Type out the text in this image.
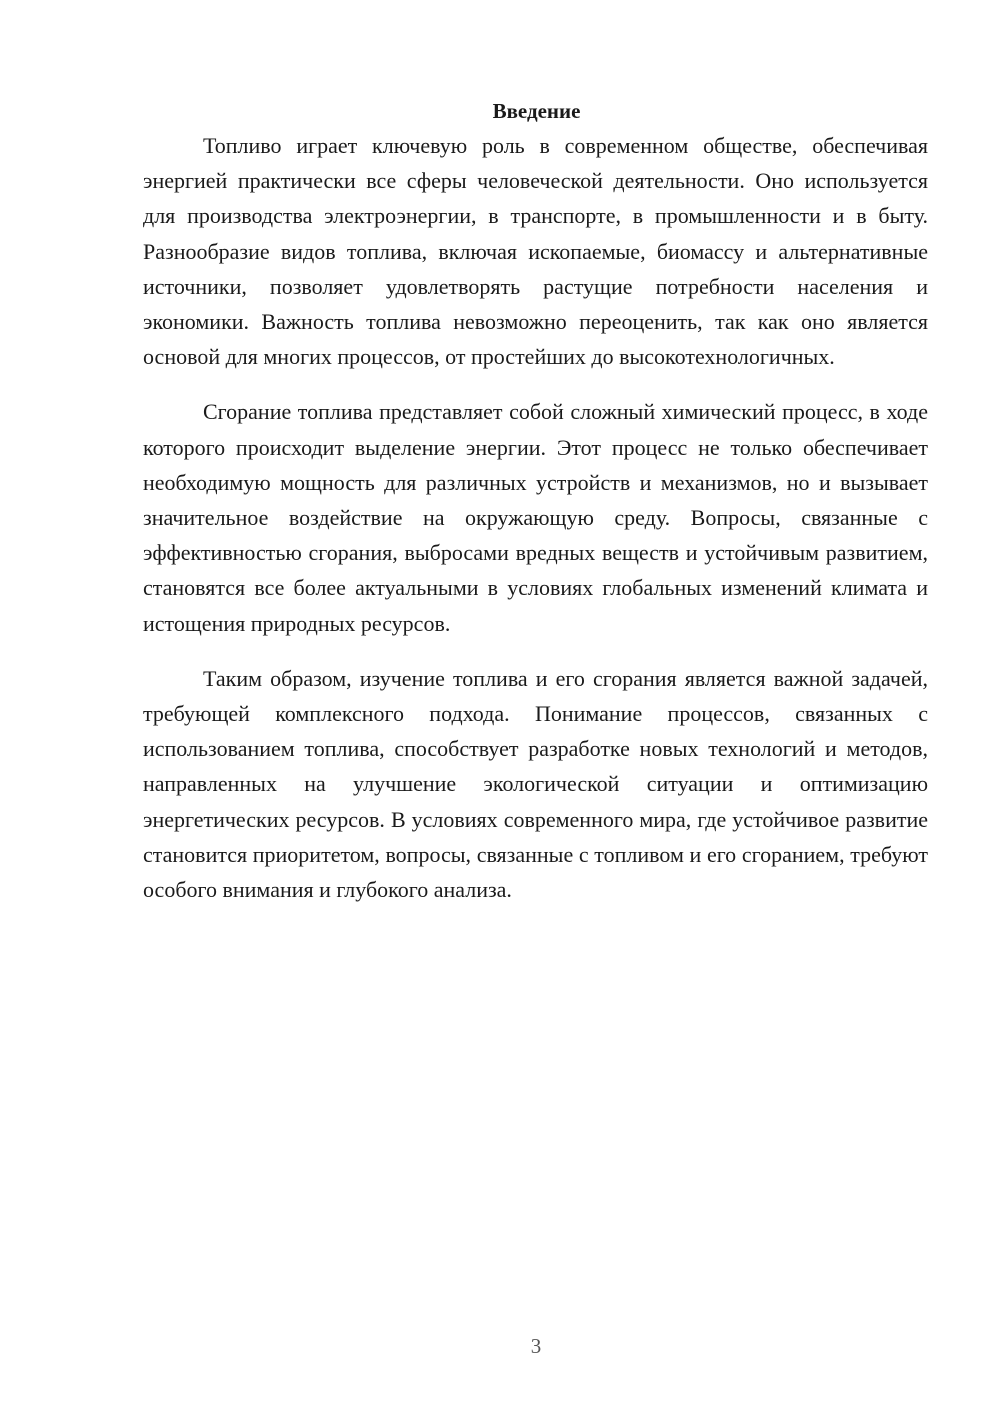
Введение

Топливо играет ключевую роль в современном обществе, обеспечивая энергией практически все сферы человеческой деятельности. Оно используется для производства электроэнергии, в транспорте, в промышленности и в быту. Разнообразие видов топлива, включая ископаемые, биомассу и альтернативные источники, позволяет удовлетворять растущие потребности населения и экономики. Важность топлива невозможно переоценить, так как оно является основой для многих процессов, от простейших до высокотехнологичных.

Сгорание топлива представляет собой сложный химический процесс, в ходе которого происходит выделение энергии. Этот процесс не только обеспечивает необходимую мощность для различных устройств и механизмов, но и вызывает значительное воздействие на окружающую среду. Вопросы, связанные с эффективностью сгорания, выбросами вредных веществ и устойчивым развитием, становятся все более актуальными в условиях глобальных изменений климата и истощения природных ресурсов.

Таким образом, изучение топлива и его сгорания является важной задачей, требующей комплексного подхода. Понимание процессов, связанных с использованием топлива, способствует разработке новых технологий и методов, направленных на улучшение экологической ситуации и оптимизацию энергетических ресурсов. В условиях современного мира, где устойчивое развитие становится приоритетом, вопросы, связанные с топливом и его сгоранием, требуют особого внимания и глубокого анализа.

3
